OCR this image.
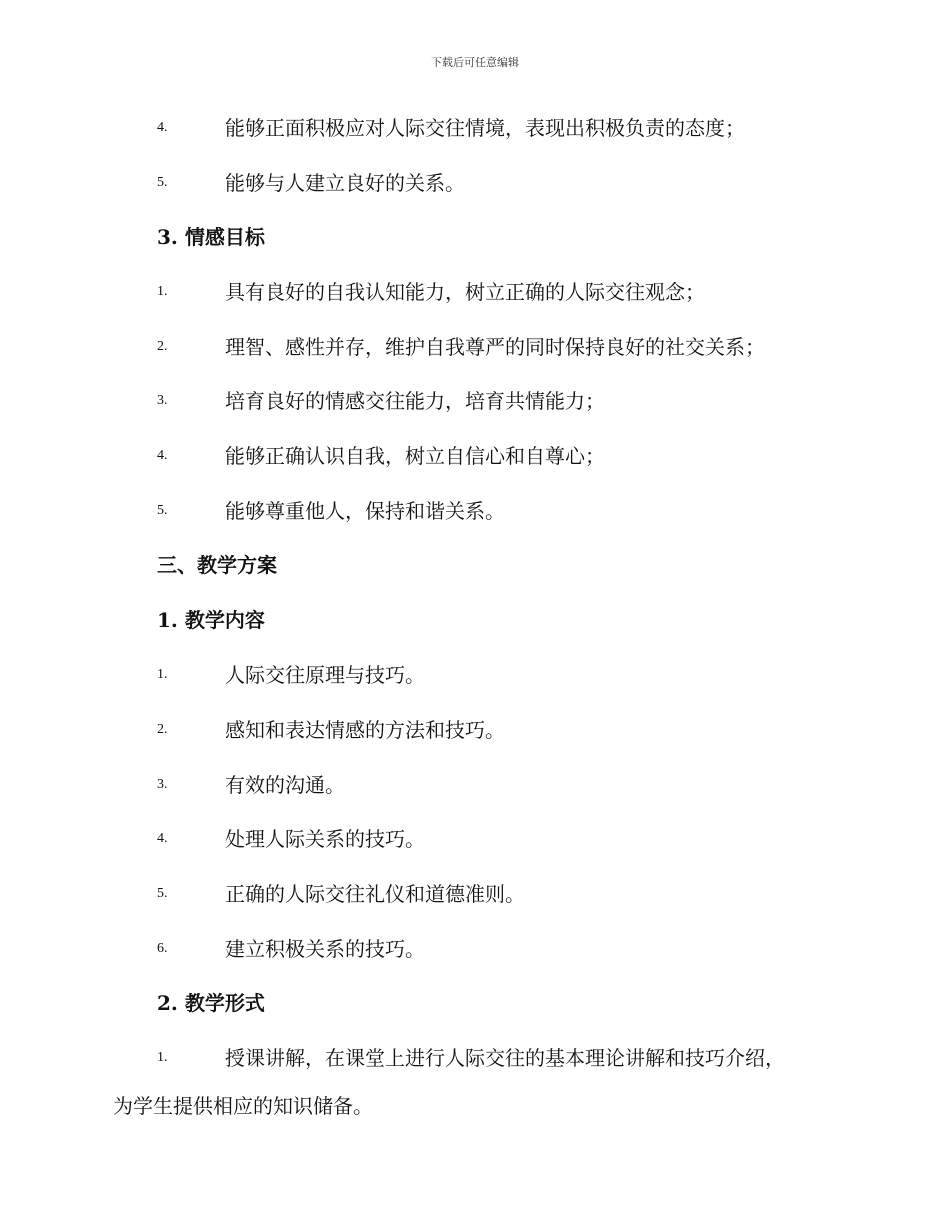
下载后可任意编辑
4.	能够正面积极应对人际交往情境，表现出积极负责的态度；
5.	能够与人建立良好的关系。
3. 情感目标
1.	具有良好的自我认知能力，树立正确的人际交往观念；
2.	理智、感性并存，维护自我尊严的同时保持良好的社交关系；
3.	培育良好的情感交往能力，培育共情能力；
4.	能够正确认识自我，树立自信心和自尊心；
5.	能够尊重他人，保持和谐关系。
三、教学方案
1. 教学内容
1.	人际交往原理与技巧。
2.	感知和表达情感的方法和技巧。
3.	有效的沟通。
4.	处理人际关系的技巧。
5.	正确的人际交往礼仪和道德准则。
6.	建立积极关系的技巧。
2. 教学形式
1.	授课讲解，在课堂上进行人际交往的基本理论讲解和技巧介绍，
为学生提供相应的知识储备。
